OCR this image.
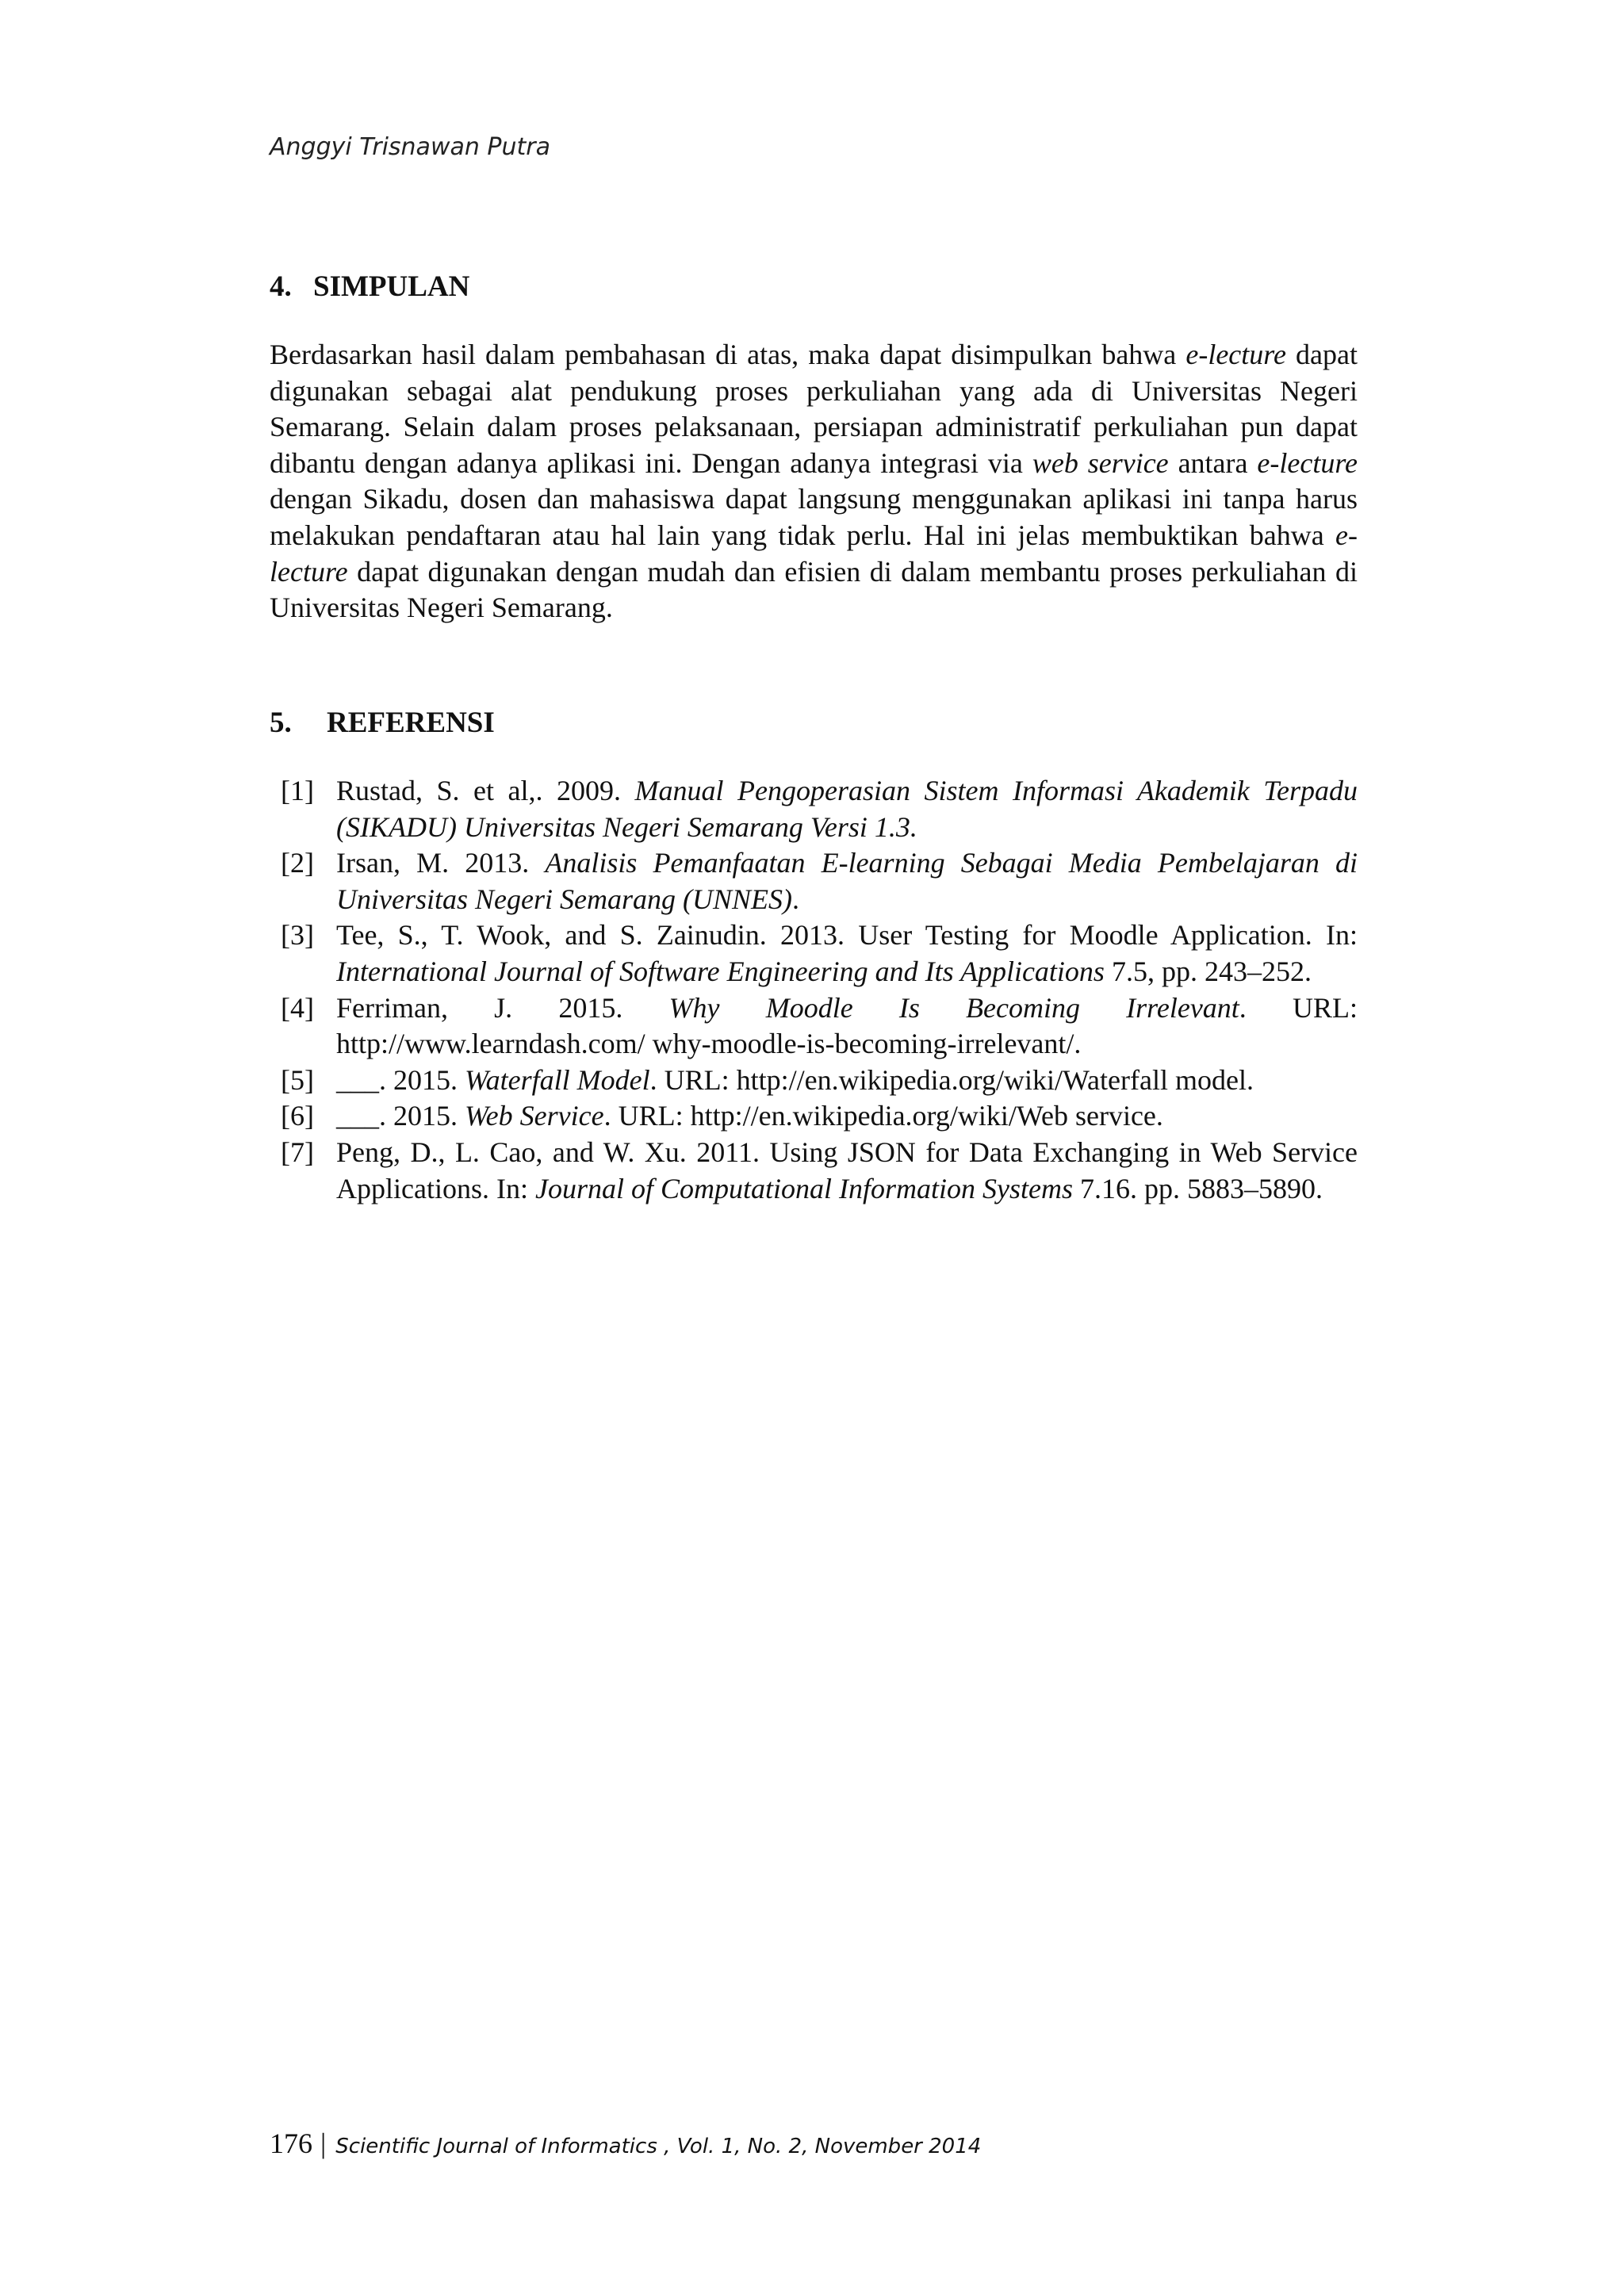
Anggyi Trisnawan Putra
4. SIMPULAN
Berdasarkan hasil dalam pembahasan di atas, maka dapat disimpulkan bahwa e-lecture dapat digunakan sebagai alat pendukung proses perkuliahan yang ada di Universitas Negeri Semarang. Selain dalam proses pelaksanaan, persiapan administratif perkuliahan pun dapat dibantu dengan adanya aplikasi ini. Dengan adanya integrasi via web service antara e-lecture dengan Sikadu, dosen dan mahasiswa dapat langsung menggunakan aplikasi ini tanpa harus melakukan pendaftaran atau hal lain yang tidak perlu. Hal ini jelas membuktikan bahwa e-lecture dapat digunakan dengan mudah dan efisien di dalam membantu proses perkuliahan di Universitas Negeri Semarang.
5. REFERENSI
[1] Rustad, S. et al,. 2009. Manual Pengoperasian Sistem Informasi Akademik Terpadu (SIKADU) Universitas Negeri Semarang Versi 1.3.
[2] Irsan, M. 2013. Analisis Pemanfaatan E-learning Sebagai Media Pembelajaran di Universitas Negeri Semarang (UNNES).
[3] Tee, S., T. Wook, and S. Zainudin. 2013. User Testing for Moodle Application. In: International Journal of Software Engineering and Its Applications 7.5, pp. 243–252.
[4] Ferriman, J. 2015. Why Moodle Is Becoming Irrelevant. URL: http://www.learndash.com/ why-moodle-is-becoming-irrelevant/.
[5] ___. 2015. Waterfall Model. URL: http://en.wikipedia.org/wiki/Waterfall model.
[6] ___. 2015. Web Service. URL: http://en.wikipedia.org/wiki/Web service.
[7] Peng, D., L. Cao, and W. Xu. 2011. Using JSON for Data Exchanging in Web Service Applications. In: Journal of Computational Information Systems 7.16. pp. 5883–5890.
176 | Scientific Journal of Informatics , Vol. 1, No. 2, November 2014
